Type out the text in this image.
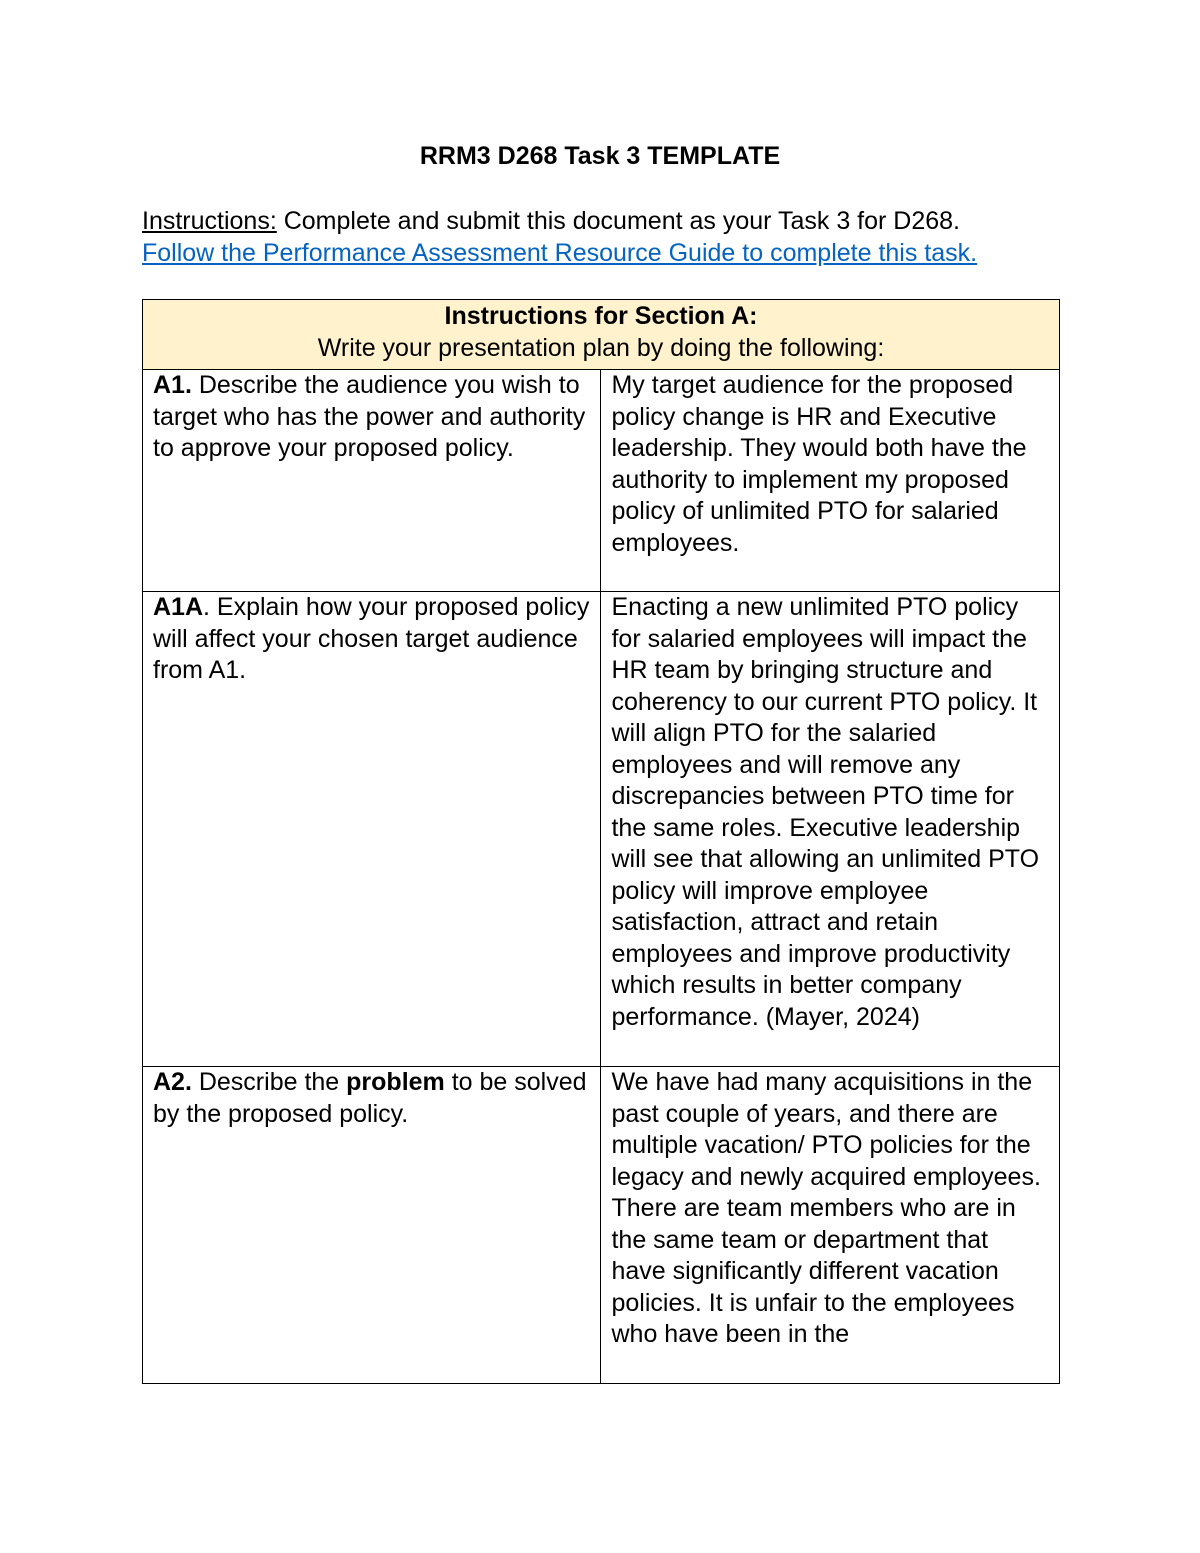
RRM3 D268 Task 3 TEMPLATE
Instructions: Complete and submit this document as your Task 3 for D268.
Follow the Performance Assessment Resource Guide to complete this task.
Instructions for Section A:
Write your presentation plan by doing the following:	

A1. Describe the audience you wish to target who has the power and authority to approve your proposed policy.	My target audience for the proposed policy change is HR and Executive leadership. They would both have the authority to implement my proposed policy of unlimited PTO for salaried employees.
A1A. Explain how your proposed policy will affect your chosen target audience from A1.	Enacting a new unlimited PTO policy for salaried employees will impact the HR team by bringing structure and coherency to our current PTO policy. It will align PTO for the salaried employees and will remove any discrepancies between PTO time for the same roles. Executive leadership will see that allowing an unlimited PTO policy will improve employee satisfaction, attract and retain employees and improve productivity which results in better company performance. (Mayer, 2024)
A2. Describe the problem to be solved by the proposed policy.	We have had many acquisitions in the past couple of years, and there are multiple vacation/ PTO policies for the legacy and newly acquired employees. There are team members who are in the same team or department that have significantly different vacation policies. It is unfair to the employees who have been in the
